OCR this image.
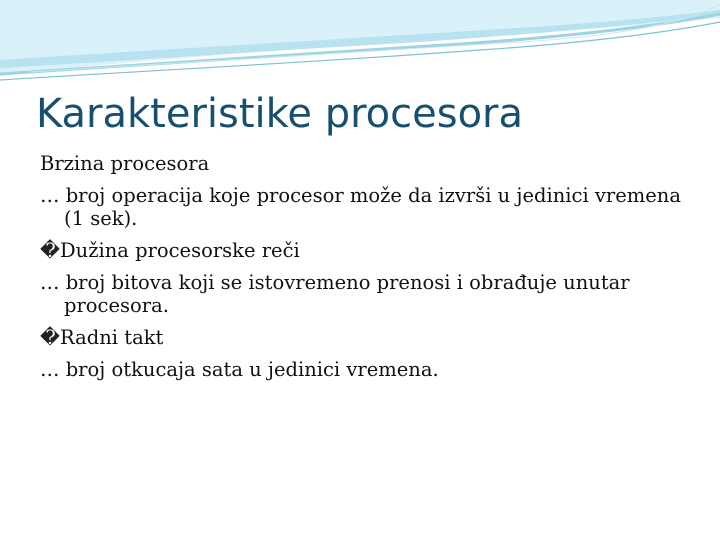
Karakteristike procesora

Brzina procesora

… broj operacija koje procesor može da izvrši u jedinici vremena (1 sek).

�Dužina procesorske reči

… broj bitova koji se istovremeno prenosi i obrađuje unutar procesora.

�Radni takt

… broj otkucaja sata u jedinici vremena.
